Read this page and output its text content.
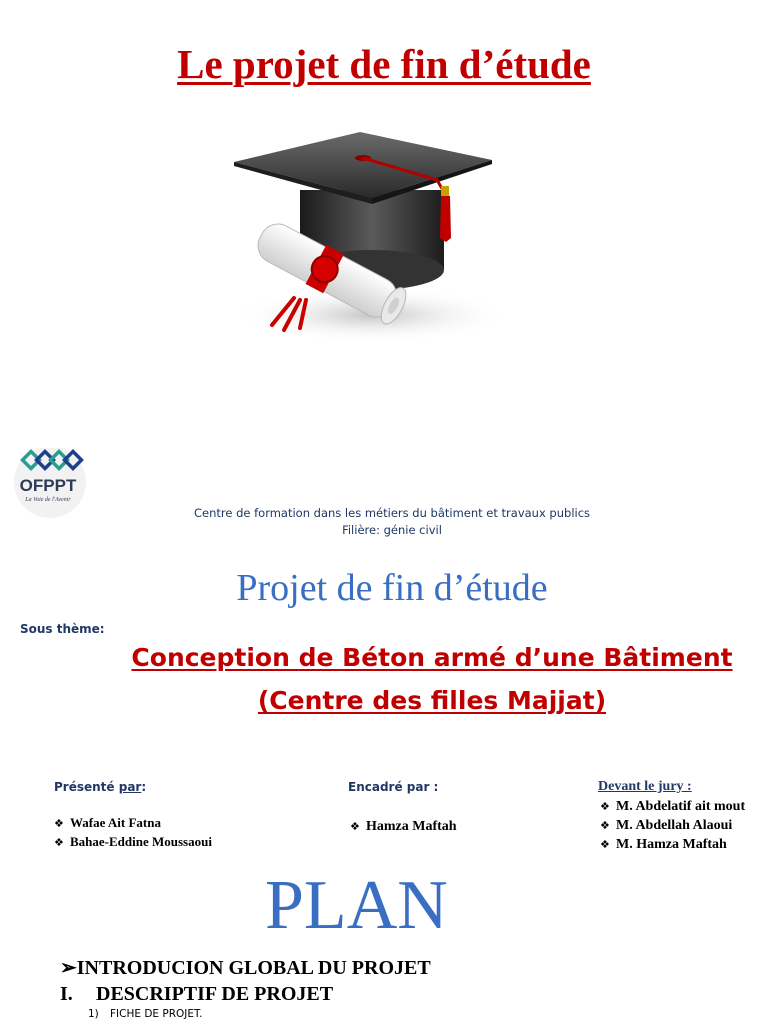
Le projet de fin d’étude
OFPPT
La Voie de l'Avenir
Centre de formation dans les métiers du bâtiment et travaux publics
Filière: génie civil
Projet de fin d’étude
Sous thème:
Conception de Béton armé d’une Bâtiment
(Centre des filles Majjat)
Présenté par:
❖ Wafae Ait Fatna
❖ Bahae-Eddine Moussaoui
Encadré par :
❖ Hamza Maftah
Devant le jury :
❖ M. Abdelatif ait mout
❖ M. Abdellah Alaoui
❖ M. Hamza Maftah
PLAN
➢INTRODUCION GLOBAL DU PROJET
I. DESCRIPTIF DE PROJET
1) FICHE DE PROJET.
